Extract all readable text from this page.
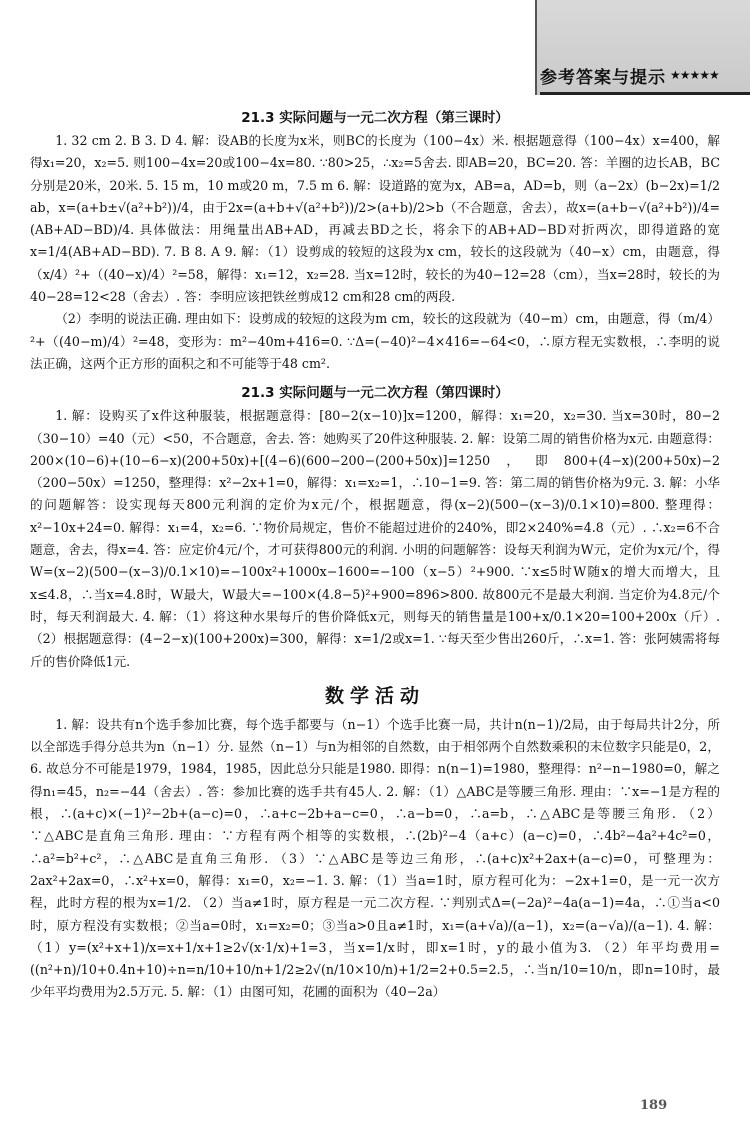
参考答案与提示 ★★★★★
21.3 实际问题与一元二次方程（第三课时）

1. 32 cm 2. B 3. D 4. 解：设AB的长度为x米，则BC的长度为（100−4x）米. 根据题意得（100−4x）x=400，解得x₁=20，x₂=5. 则100−4x=20或100−4x=80. ∵80>25，∴x₂=5舍去. 即AB=20，BC=20. 答：羊圈的边长AB，BC分别是20米，20米. 5. 15 m，10 m或20 m，7.5 m 6. 解：设道路的宽为x，AB=a，AD=b，则（a−2x）(b−2x)=1/2 ab，x=(a+b±√(a²+b²))/4，由于2x=(a+b+√(a²+b²))/2>(a+b)/2>b（不合题意，舍去），故x=(a+b−√(a²+b²))/4=(AB+AD−BD)/4. 具体做法：用绳量出AB+AD，再减去BD之长，将余下的AB+AD−BD对折两次，即得道路的宽x=1/4(AB+AD−BD). 7. B 8. A 9. 解：（1）设剪成的较短的这段为x cm，较长的这段就为（40−x）cm，由题意，得（x/4）²+（(40−x)/4）²=58，解得：x₁=12，x₂=28. 当x=12时，较长的为40−12=28（cm），当x=28时，较长的为40−28=12<28（舍去）. 答：李明应该把铁丝剪成12 cm和28 cm的两段.

（2）李明的说法正确. 理由如下：设剪成的较短的这段为m cm，较长的这段就为（40−m）cm，由题意，得（m/4）²+（(40−m)/4）²=48，变形为：m²−40m+416=0. ∵Δ=(−40)²−4×416=−64<0，∴原方程无实数根，∴李明的说法正确，这两个正方形的面积之和不可能等于48 cm².

21.3 实际问题与一元二次方程（第四课时）

1. 解：设购买了x件这种服装，根据题意得：[80−2(x−10)]x=1200，解得：x₁=20，x₂=30. 当x=30时，80−2（30−10）=40（元）<50，不合题意，舍去. 答：她购买了20件这种服装. 2. 解：设第二周的销售价格为x元. 由题意得：200×(10−6)+(10−6−x)(200+50x)+[(4−6)(600−200−(200+50x)]=1250，即800+(4−x)(200+50x)−2（200−50x）=1250，整理得：x²−2x+1=0，解得：x₁=x₂=1，∴10−1=9. 答：第二周的销售价格为9元. 3. 解：小华的问题解答：设实现每天800元利润的定价为x元/个，根据题意，得(x−2)(500−(x−3)/0.1×10)=800. 整理得：x²−10x+24=0. 解得：x₁=4，x₂=6. ∵物价局规定，售价不能超过进价的240%，即2×240%=4.8（元）. ∴x₂=6不合题意，舍去，得x=4. 答：应定价4元/个，才可获得800元的利润. 小明的问题解答：设每天利润为W元，定价为x元/个，得W=(x−2)(500−(x−3)/0.1×10)=−100x²+1000x−1600=−100（x−5）²+900. ∵x≤5时W随x的增大而增大，且x≤4.8，∴当x=4.8时，W最大，W最大=−100×(4.8−5)²+900=896>800. 故800元不是最大利润. 当定价为4.8元/个时，每天利润最大. 4. 解：（1）将这种水果每斤的售价降低x元，则每天的销售量是100+x/0.1×20=100+200x（斤）. （2）根据题意得：(4−2−x)(100+200x)=300，解得：x=1/2或x=1. ∵每天至少售出260斤，∴x=1. 答：张阿姨需将每斤的售价降低1元.

数学活动

1. 解：设共有n个选手参加比赛，每个选手都要与（n−1）个选手比赛一局，共计n(n−1)/2局，由于每局共计2分，所以全部选手得分总共为n（n−1）分. 显然（n−1）与n为相邻的自然数，由于相邻两个自然数乘积的末位数字只能是0，2，6. 故总分不可能是1979，1984，1985，因此总分只能是1980. 即得：n(n−1)=1980，整理得：n²−n−1980=0，解之得n₁=45，n₂=−44（舍去）. 答：参加比赛的选手共有45人. 2. 解：（1）△ABC是等腰三角形. 理由：∵x=−1是方程的根，∴(a+c)×(−1)²−2b+(a−c)=0，∴a+c−2b+a−c=0，∴a−b=0，∴a=b，∴△ABC是等腰三角形. （2）∵△ABC是直角三角形. 理由：∵方程有两个相等的实数根，∴(2b)²−4（a+c）(a−c)=0，∴4b²−4a²+4c²=0，∴a²=b²+c²，∴△ABC是直角三角形. （3）∵△ABC是等边三角形，∴(a+c)x²+2ax+(a−c)=0，可整理为：2ax²+2ax=0，∴x²+x=0，解得：x₁=0，x₂=−1. 3. 解：（1）当a=1时，原方程可化为：−2x+1=0，是一元一次方程，此时方程的根为x=1/2. （2）当a≠1时，原方程是一元二次方程. ∵判别式Δ=(−2a)²−4a(a−1)=4a，∴①当a<0时，原方程没有实数根；②当a=0时，x₁=x₂=0；③当a>0且a≠1时，x₁=(a+√a)/(a−1)，x₂=(a−√a)/(a−1). 4. 解：（1）y=(x²+x+1)/x=x+1/x+1≥2√(x·1/x)+1=3，当x=1/x时，即x=1时，y的最小值为3. （2）年平均费用=((n²+n)/10+0.4n+10)÷n=n/10+10/n+1/2≥2√(n/10×10/n)+1/2=2+0.5=2.5，∴当n/10=10/n，即n=10时，最少年平均费用为2.5万元. 5. 解：（1）由图可知，花圃的面积为（40−2a）

189
